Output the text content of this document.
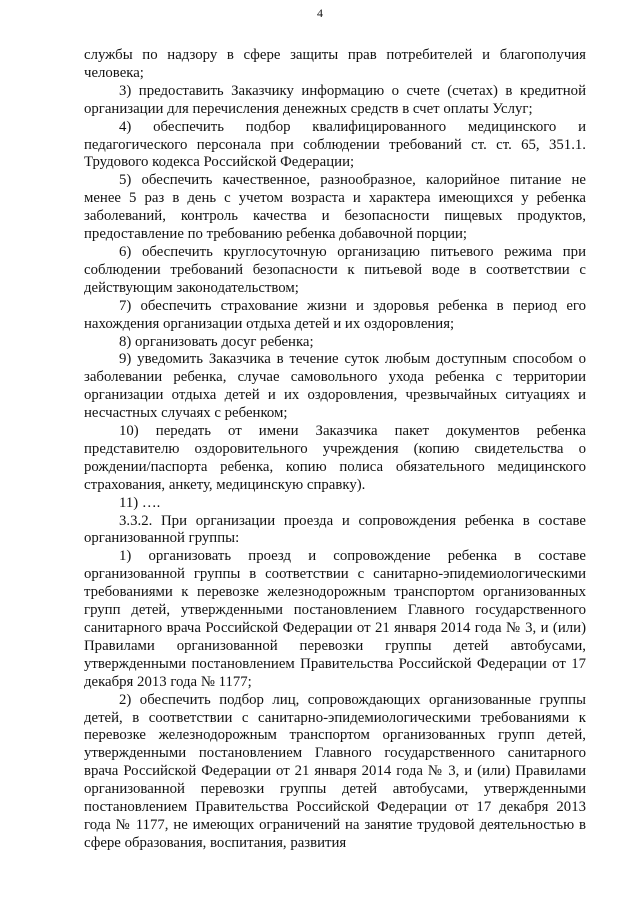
4

службы по надзору в сфере защиты прав потребителей и благополучия человека;

3) предоставить Заказчику информацию о счете (счетах) в кредитной организации для перечисления денежных средств в счет оплаты Услуг;

4) обеспечить подбор квалифицированного медицинского и педагогического персонала при соблюдении требований ст. ст. 65, 351.1. Трудового кодекса Российской Федерации;

5) обеспечить качественное, разнообразное, калорийное питание не менее 5 раз в день с учетом возраста и характера имеющихся у ребенка заболеваний, контроль качества и безопасности пищевых продуктов, предоставление по требованию ребенка добавочной порции;

6) обеспечить круглосуточную организацию питьевого режима при соблюдении требований безопасности к питьевой воде в соответствии с действующим законодательством;

7) обеспечить страхование жизни и здоровья ребенка в период его нахождения организации отдыха детей и их оздоровления;

8) организовать досуг ребенка;

9) уведомить Заказчика в течение суток любым доступным способом о заболевании ребенка, случае самовольного ухода ребенка с территории организации отдыха детей и их оздоровления, чрезвычайных ситуациях и несчастных случаях с ребенком;

10) передать от имени Заказчика пакет документов ребенка представителю оздоровительного учреждения (копию свидетельства о рождении/паспорта ребенка, копию полиса обязательного медицинского страхования, анкету, медицинскую справку).

11) ….

3.3.2. При организации проезда и сопровождения ребенка в составе организованной группы:

1) организовать проезд и сопровождение ребенка в составе организованной группы в соответствии с санитарно-эпидемиологическими требованиями к перевозке железнодорожным транспортом организованных групп детей, утвержденными постановлением Главного государственного санитарного врача Российской Федерации от 21 января 2014 года № 3, и (или) Правилами организованной перевозки группы детей автобусами, утвержденными постановлением Правительства Российской Федерации от 17 декабря 2013 года № 1177;

2) обеспечить подбор лиц, сопровождающих организованные группы детей, в соответствии с санитарно-эпидемиологическими требованиями к перевозке железнодорожным транспортом организованных групп детей, утвержденными постановлением Главного государственного санитарного врача Российской Федерации от 21 января 2014 года № 3, и (или) Правилами организованной перевозки группы детей автобусами, утвержденными постановлением Правительства Российской Федерации от 17 декабря 2013 года № 1177, не имеющих ограничений на занятие трудовой деятельностью в сфере образования, воспитания, развития
